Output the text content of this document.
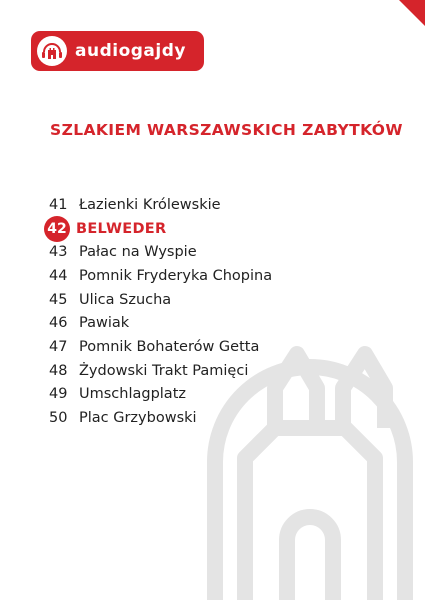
audiogajdy
SZLAKIEM WARSZAWSKICH ZABYTKÓW
41 Łazienki Królewskie
42 BELWEDER
43 Pałac na Wyspie
44 Pomnik Fryderyka Chopina
45 Ulica Szucha
46 Pawiak
47 Pomnik Bohaterów Getta
48 Żydowski Trakt Pamięci
49 Umschlagplatz
50 Plac Grzybowski
